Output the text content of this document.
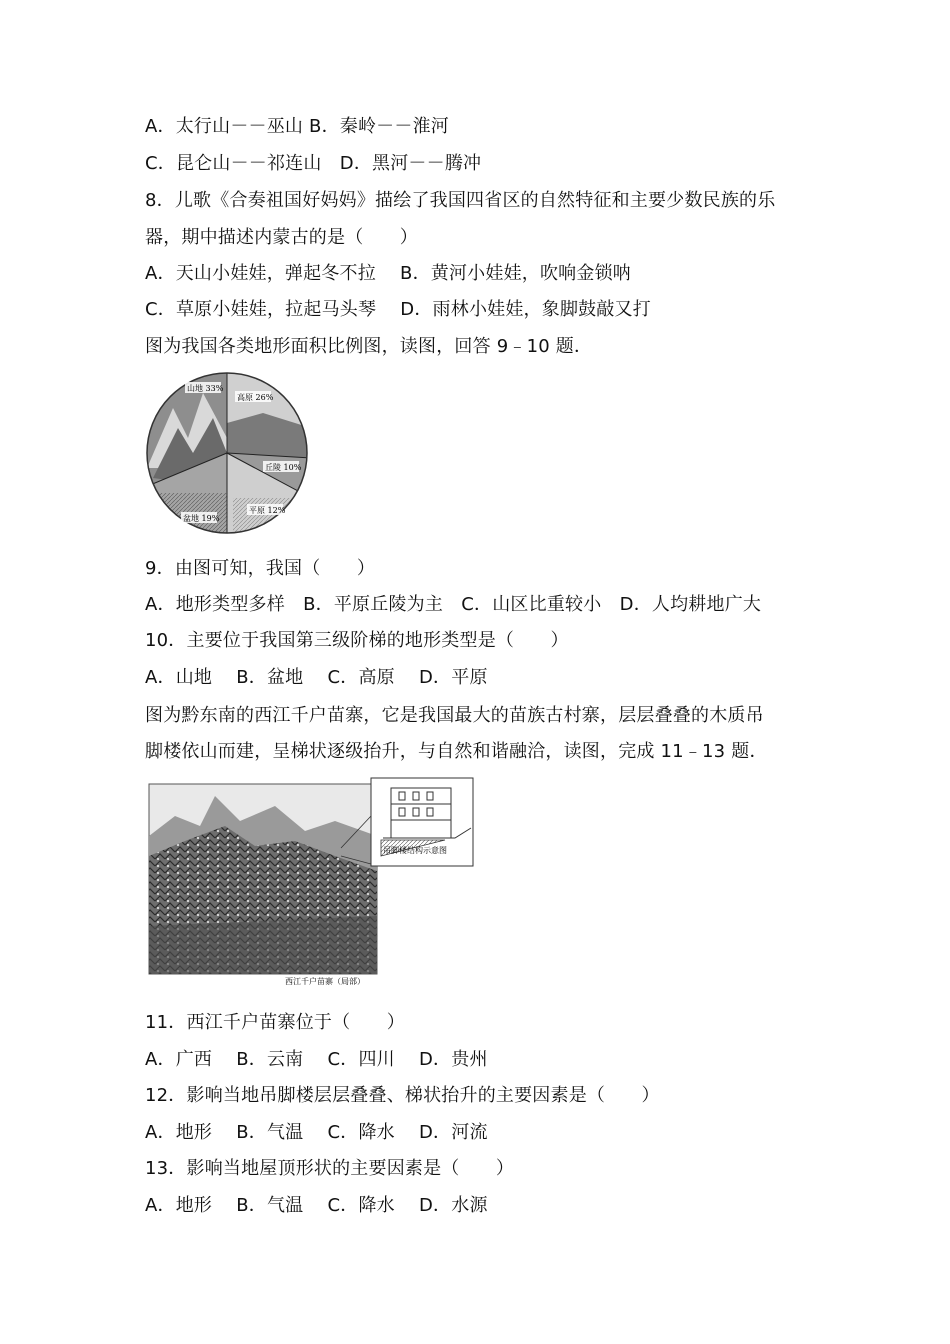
A．太行山－－巫山 B．秦岭－－淮河
C．昆仑山－－祁连山　D．黑河－－腾冲
8．儿歌《合奏祖国好妈妈》描绘了我国四省区的自然特征和主要少数民族的乐
器，期中描述内蒙古的是（　　）
A．天山小娃娃，弹起冬不拉　 B．黄河小娃娃，吹响金锁呐
C．草原小娃娃，拉起马头琴　 D．雨林小娃娃，象脚鼓敲又打
图为我国各类地形面积比例图，读图，回答 9﹣10 题．
山地 33%
高原 26%
盆地 19%
丘陵 10%
平原 12%
9．由图可知，我国（　　）
A．地形类型多样　B．平原丘陵为主　C．山区比重较小　D．人均耕地广大
10．主要位于我国第三级阶梯的地形类型是（　　）
A．山地　 B．盆地　 C．高原　 D．平原
图为黔东南的西江千户苗寨，它是我国最大的苗族古村寨，层层叠叠的木质吊
脚楼依山而建，呈梯状逐级抬升，与自然和谐融洽，读图，完成 11﹣13 题．
吊脚楼结构示意图
西江千户苗寨（局部）
11．西江千户苗寨位于（　　）
A．广西　 B．云南　 C．四川　 D．贵州
12．影响当地吊脚楼层层叠叠、梯状抬升的主要因素是（　　）
A．地形　 B．气温　 C．降水　 D．河流
13．影响当地屋顶形状的主要因素是（　　）
A．地形　 B．气温　 C．降水　 D．水源
